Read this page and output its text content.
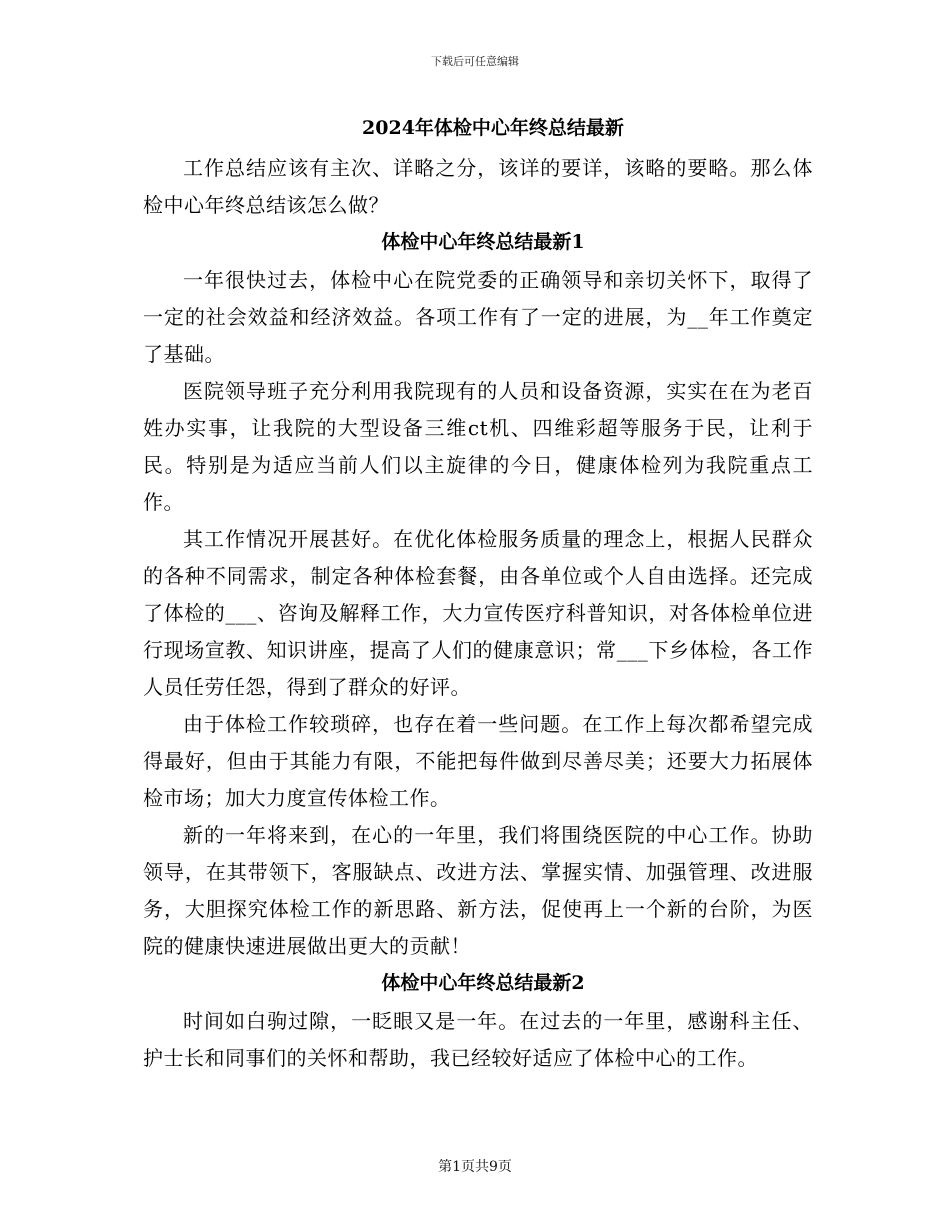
下载后可任意编辑
2024年体检中心年终总结最新

工作总结应该有主次、详略之分，该详的要详，该略的要略。那么体检中心年终总结该怎么做？

体检中心年终总结最新1

一年很快过去，体检中心在院党委的正确领导和亲切关怀下，取得了一定的社会效益和经济效益。各项工作有了一定的进展，为__年工作奠定了基础。

医院领导班子充分利用我院现有的人员和设备资源，实实在在为老百姓办实事，让我院的大型设备三维ct机、四维彩超等服务于民，让利于民。特别是为适应当前人们以主旋律的今日，健康体检列为我院重点工作。

其工作情况开展甚好。在优化体检服务质量的理念上，根据人民群众的各种不同需求，制定各种体检套餐，由各单位或个人自由选择。还完成了体检的___、咨询及解释工作，大力宣传医疗科普知识，对各体检单位进行现场宣教、知识讲座，提高了人们的健康意识；常___下乡体检，各工作人员任劳任怨，得到了群众的好评。

由于体检工作较琐碎，也存在着一些问题。在工作上每次都希望完成得最好，但由于其能力有限，不能把每件做到尽善尽美；还要大力拓展体检市场；加大力度宣传体检工作。

新的一年将来到，在心的一年里，我们将围绕医院的中心工作。协助领导，在其带领下，客服缺点、改进方法、掌握实情、加强管理、改进服务，大胆探究体检工作的新思路、新方法，促使再上一个新的台阶，为医院的健康快速进展做出更大的贡献！

体检中心年终总结最新2

时间如白驹过隙，一眨眼又是一年。在过去的一年里，感谢科主任、护士长和同事们的关怀和帮助，我已经较好适应了体检中心的工作。

第1页共9页
